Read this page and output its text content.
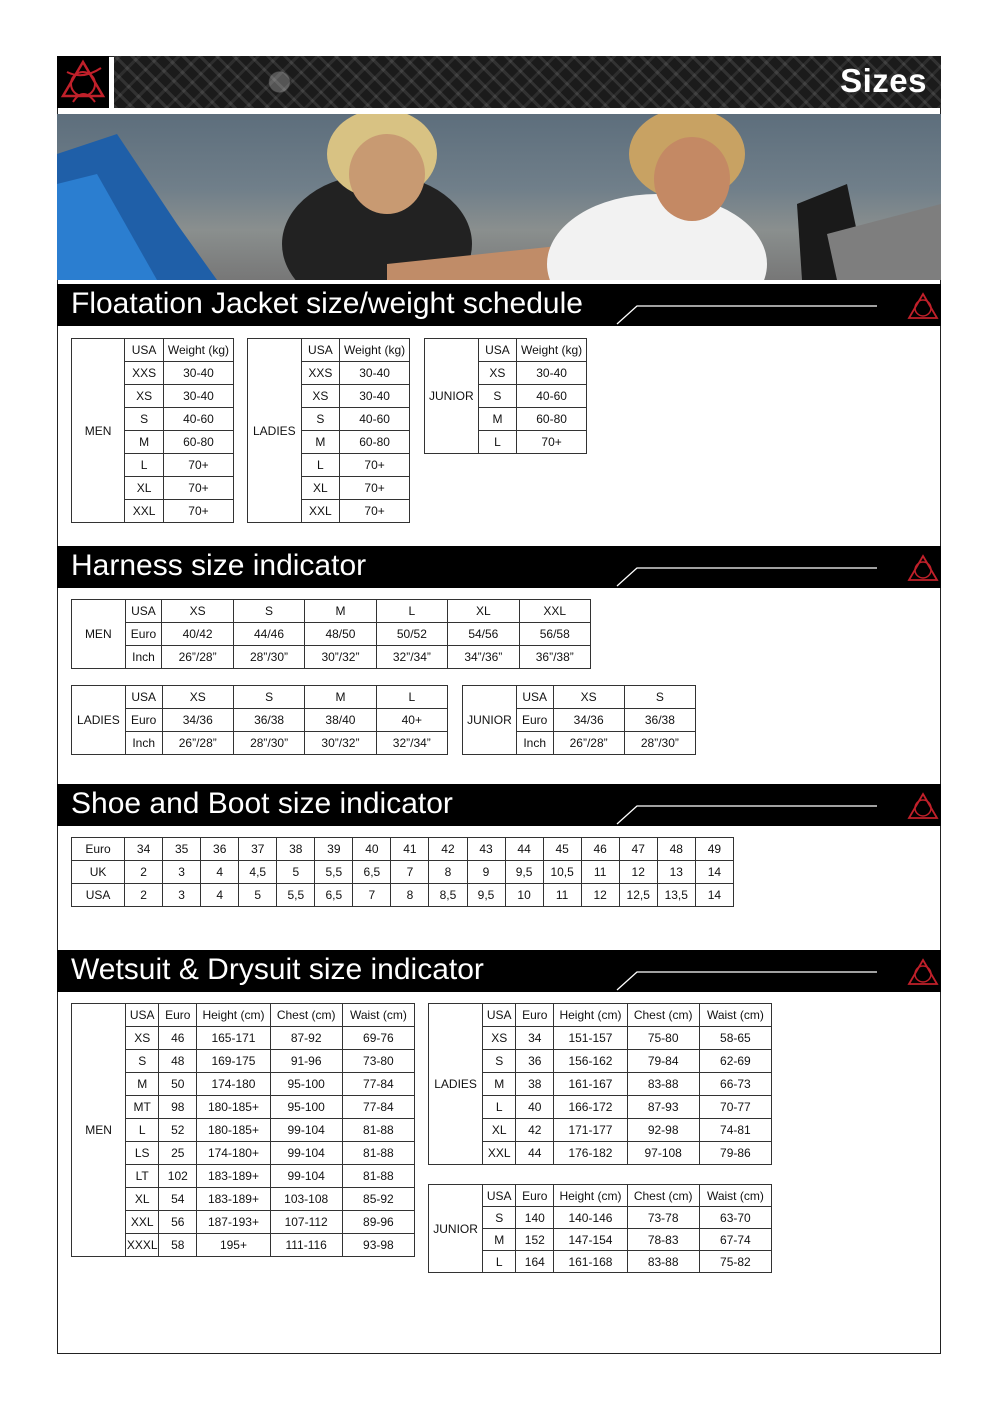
Sizes
Floatation Jacket size/weight schedule
Harness size indicator
Shoe and Boot size indicator
Wetsuit & Drysuit size indicator
MEN	USA	Weight (kg)
	XXS	30-40
	XS	30-40
	S	40-60
	M	60-80
	L	70+
	XL	70+
	XXL	70+
LADIES	USA	Weight (kg)
	XXS	30-40
	XS	30-40
	S	40-60
	M	60-80
	L	70+
	XL	70+
	XXL	70+
JUNIOR	USA	Weight (kg)
	XS	30-40
	S	40-60
	M	60-80
	L	70+
MEN	USA	XS	S	M	L	XL	XXL
	Euro	40/42	44/46	48/50	50/52	54/56	56/58
	Inch	26”/28”	28”/30”	30”/32”	32”/34”	34”/36”	36”/38”
LADIES	USA	XS	S	M	L
	Euro	34/36	36/38	38/40	40+
	Inch	26”/28”	28”/30”	30”/32”	32”/34”
JUNIOR	USA	XS	S
	Euro	34/36	36/38
	Inch	26”/28”	28”/30”
Euro	34	35	36	37	38	39	40	41	42	43	44	45	46	47	48	49
UK	2	3	4	4,5	5	5,5	6,5	7	8	9	9,5	10,5	11	12	13	14
USA	2	3	4	5	5,5	6,5	7	8	8,5	9,5	10	11	12	12,5	13,5	14
MEN	USA	Euro	Height (cm)	Chest (cm)	Waist (cm)
	XS	46	165-171	87-92	69-76
	S	48	169-175	91-96	73-80
	M	50	174-180	95-100	77-84
	MT	98	180-185+	95-100	77-84
	L	52	180-185+	99-104	81-88
	LS	25	174-180+	99-104	81-88
	LT	102	183-189+	99-104	81-88
	XL	54	183-189+	103-108	85-92
	XXL	56	187-193+	107-112	89-96
	XXXL	58	195+	111-116	93-98
LADIES	USA	Euro	Height (cm)	Chest (cm)	Waist (cm)
	XS	34	151-157	75-80	58-65
	S	36	156-162	79-84	62-69
	M	38	161-167	83-88	66-73
	L	40	166-172	87-93	70-77
	XL	42	171-177	92-98	74-81
	XXL	44	176-182	97-108	79-86
JUNIOR	USA	Euro	Height (cm)	Chest (cm)	Waist (cm)
	S	140	140-146	73-78	63-70
	M	152	147-154	78-83	67-74
	L	164	161-168	83-88	75-82
